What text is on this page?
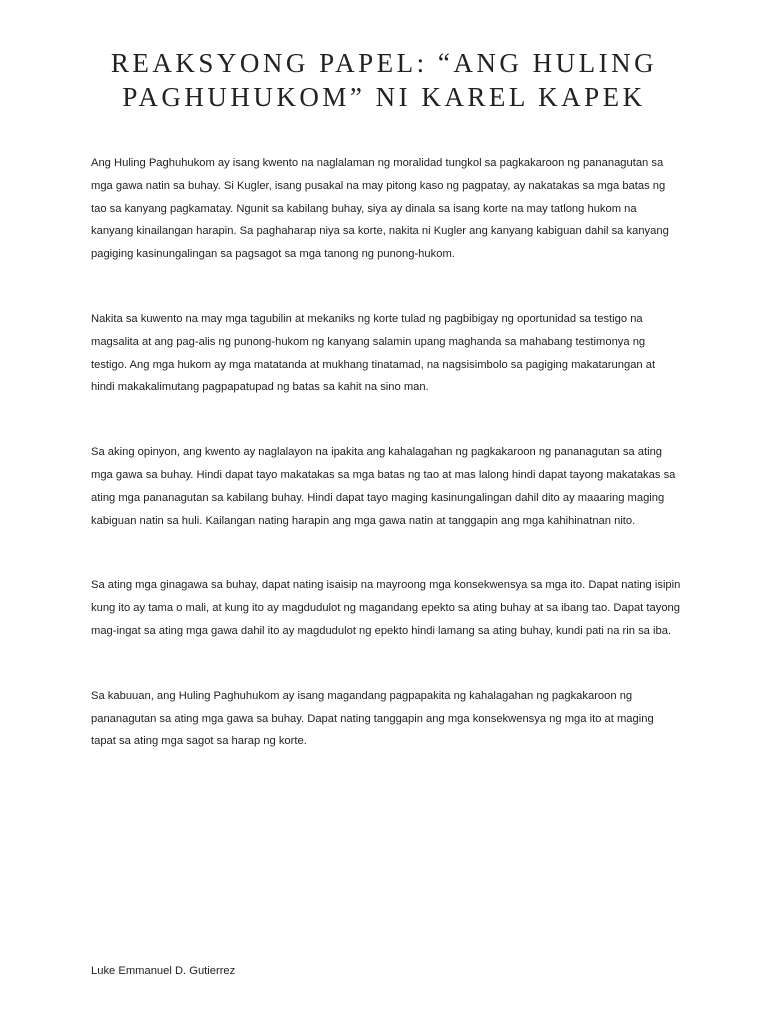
REAKSYONG PAPEL: “ANG HULING
PAGHUHUKOM” NI KAREL KAPEK

Ang Huling Paghuhukom ay isang kwento na naglalaman ng moralidad tungkol sa pagkakaroon ng pananagutan sa mga gawa natin sa buhay. Si Kugler, isang pusakal na may pitong kaso ng pagpatay, ay nakatakas sa mga batas ng tao sa kanyang pagkamatay. Ngunit sa kabilang buhay, siya ay dinala sa isang korte na may tatlong hukom na kanyang kinailangan harapin. Sa paghaharap niya sa korte, nakita ni Kugler ang kanyang kabiguan dahil sa kanyang pagiging kasinungalingan sa pagsagot sa mga tanong ng punong-hukom.

Nakita sa kuwento na may mga tagubilin at mekaniks ng korte tulad ng pagbibigay ng oportunidad sa testigo na magsalita at ang pag-alis ng punong-hukom ng kanyang salamin upang maghanda sa mahabang testimonya ng testigo. Ang mga hukom ay mga matatanda at mukhang tinatamad, na nagsisimbolo sa pagiging makatarungan at hindi makakalimutang pagpapatupad ng batas sa kahit na sino man.

Sa aking opinyon, ang kwento ay naglalayon na ipakita ang kahalagahan ng pagkakaroon ng pananagutan sa ating mga gawa sa buhay. Hindi dapat tayo makatakas sa mga batas ng tao at mas lalong hindi dapat tayong makatakas sa ating mga pananagutan sa kabilang buhay. Hindi dapat tayo maging kasinungalingan dahil dito ay maaaring maging kabiguan natin sa huli. Kailangan nating harapin ang mga gawa natin at tanggapin ang mga kahihinatnan nito.

Sa ating mga ginagawa sa buhay, dapat nating isaisip na mayroong mga konsekwensya sa mga ito. Dapat nating isipin kung ito ay tama o mali, at kung ito ay magdudulot ng magandang epekto sa ating buhay at sa ibang tao. Dapat tayong mag-ingat sa ating mga gawa dahil ito ay magdudulot ng epekto hindi lamang sa ating buhay, kundi pati na rin sa iba.

Sa kabuuan, ang Huling Paghuhukom ay isang magandang pagpapakita ng kahalagahan ng pagkakaroon ng pananagutan sa ating mga gawa sa buhay. Dapat nating tanggapin ang mga konsekwensya ng mga ito at maging tapat sa ating mga sagot sa harap ng korte.

Luke Emmanuel D. Gutierrez
